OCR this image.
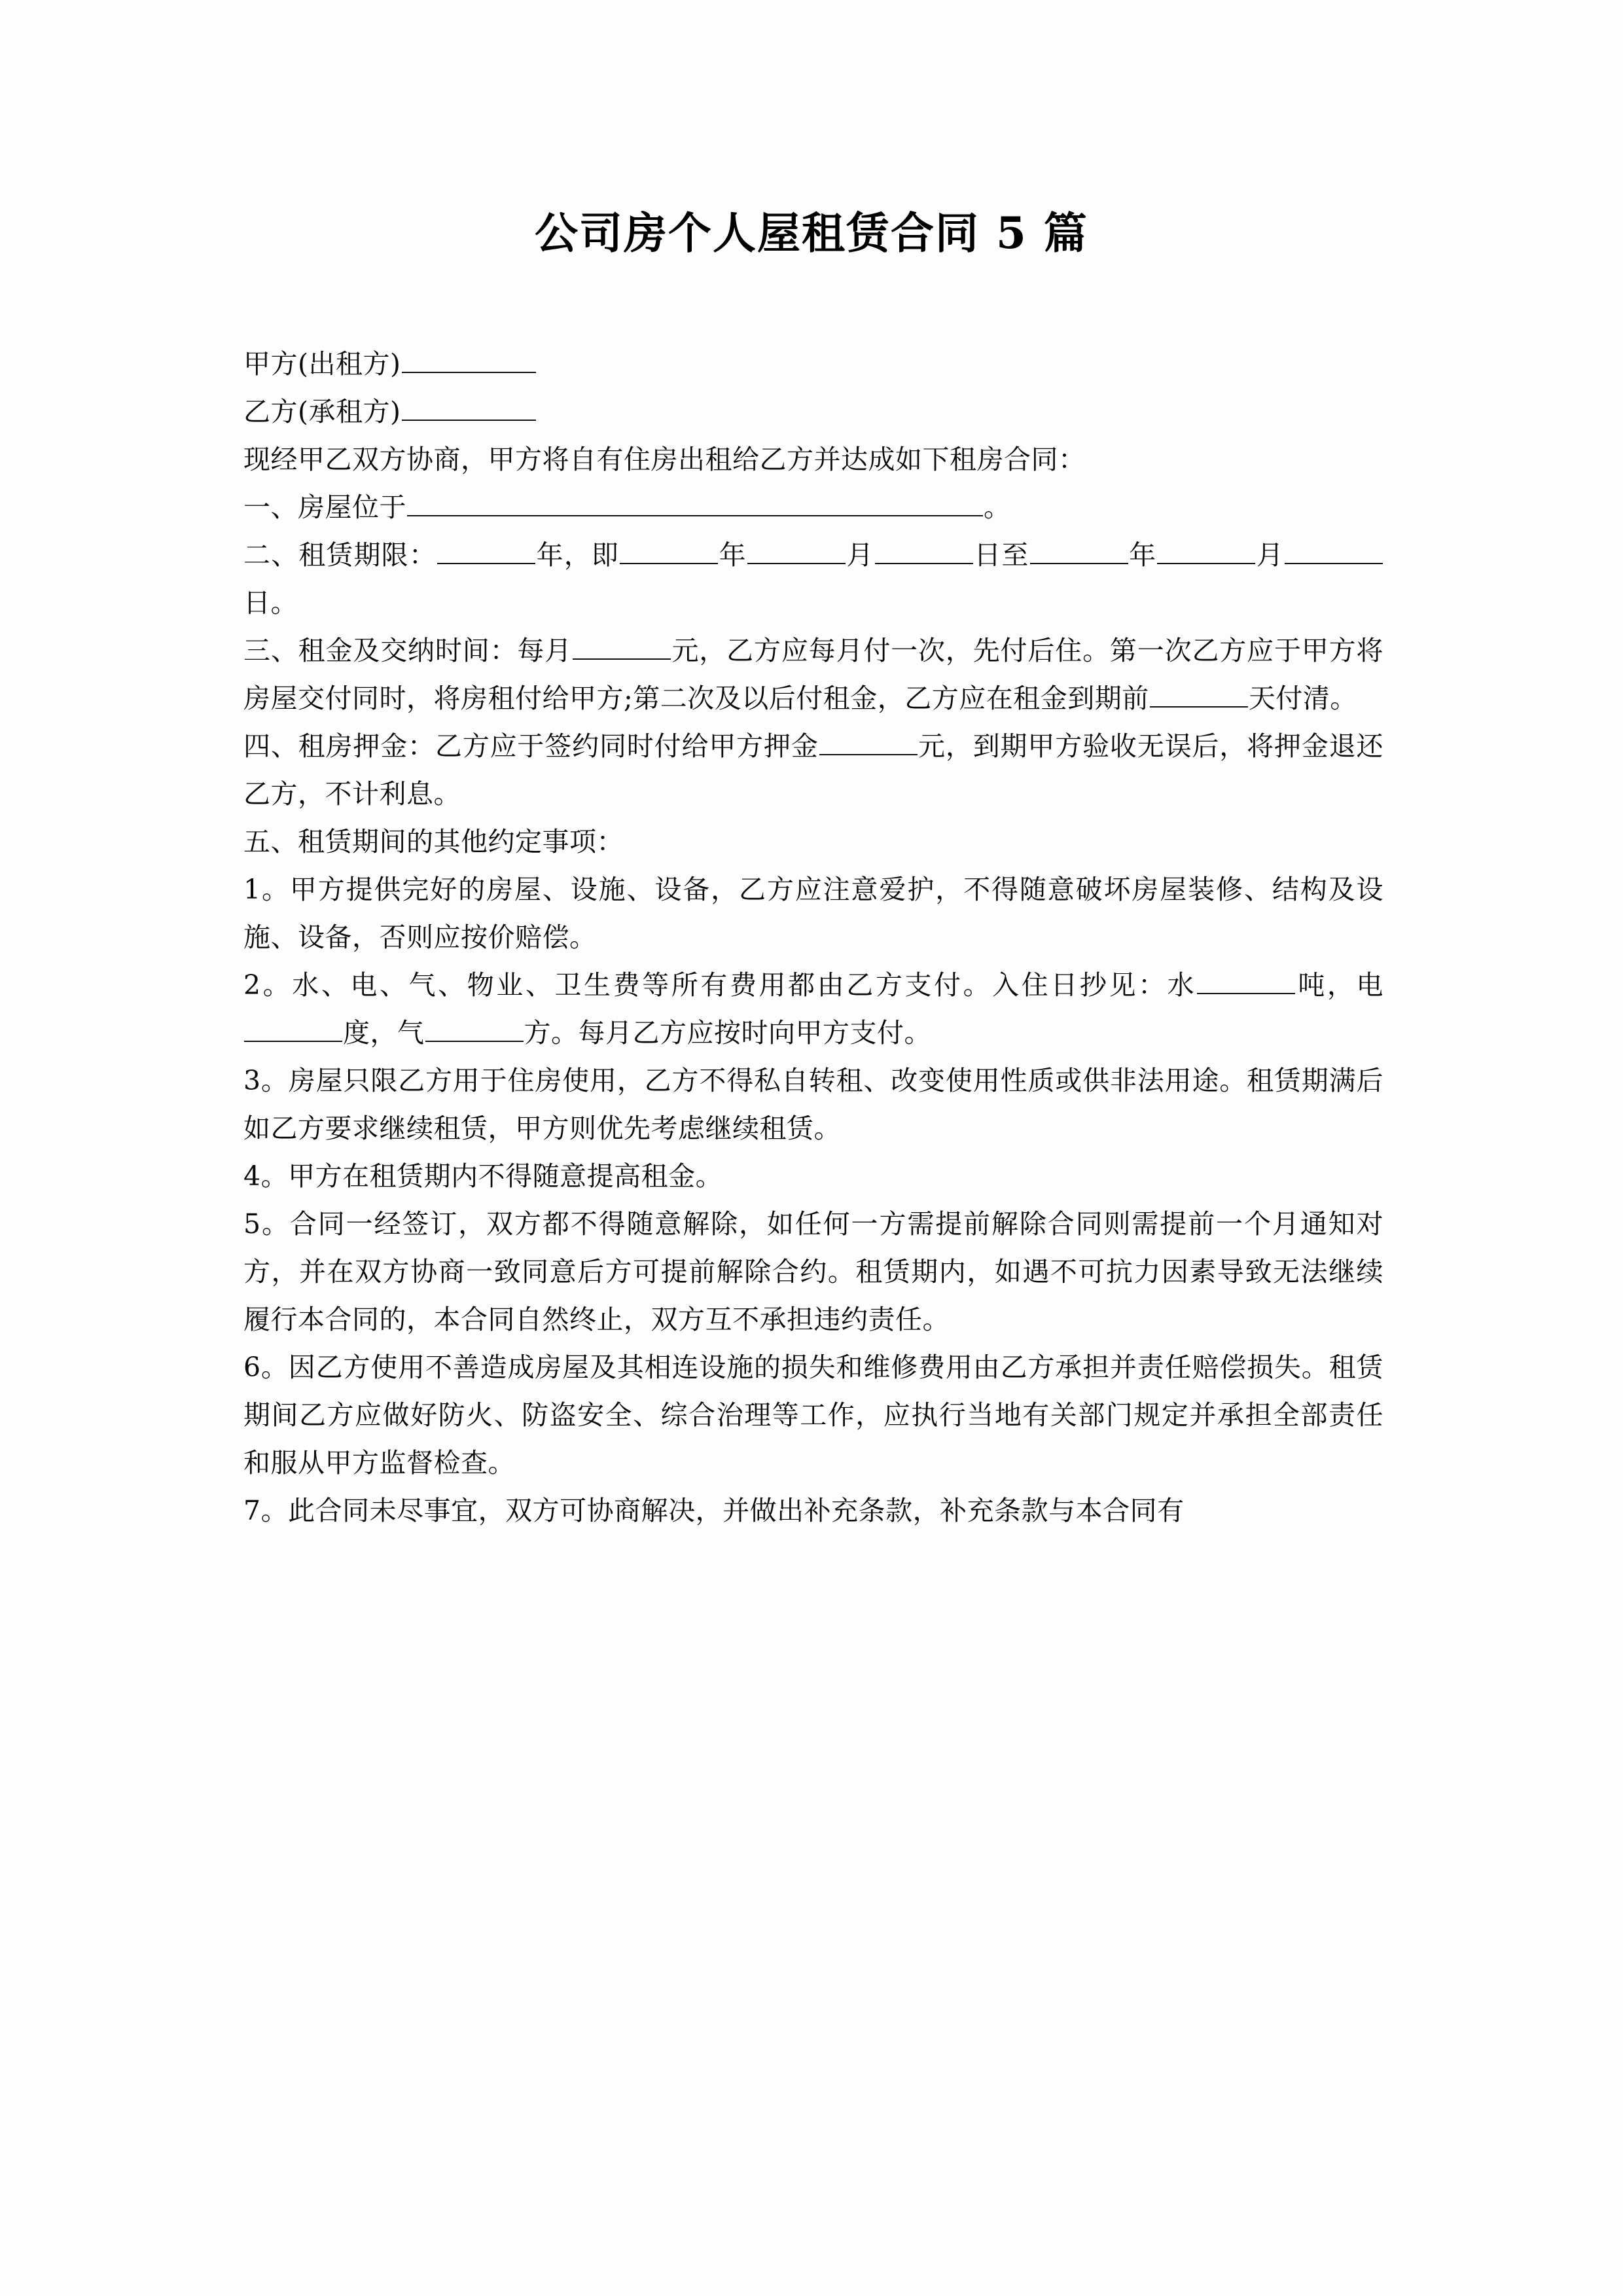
公司房个人屋租赁合同 5 篇

甲方(出租方)

乙方(承租方)

现经甲乙双方协商，甲方将自有住房出租给乙方并达成如下租房合同：

一、房屋位于	。

二、租赁期限：	年，即	年	月	日至	年	月日。

三、租金及交纳时间：每月	元，乙方应每月付一次，先付后住。第一次乙方应于甲方将房屋交付同时，将房租付给甲方;第二次及以后付租金，乙方应在租金到期前	天付清。

四、租房押金：乙方应于签约同时付给甲方押金	元，到期甲方验收无误后，将押金退还乙方，不计利息。

五、租赁期间的其他约定事项：

1。甲方提供完好的房屋、设施、设备，乙方应注意爱护，不得随意破坏房屋装修、结构及设施、设备，否则应按价赔偿。

2。水、电、气、物业、卫生费等所有费用都由乙方支付。入住日抄见：水	吨，电度，气	方。每月乙方应按时向甲方支付。

3。房屋只限乙方用于住房使用，乙方不得私自转租、改变使用性质或供非法用途。租赁期满后如乙方要求继续租赁，甲方则优先考虑继续租赁。

4。甲方在租赁期内不得随意提高租金。

5。合同一经签订，双方都不得随意解除，如任何一方需提前解除合同则需提前一个月通知对方，并在双方协商一致同意后方可提前解除合约。租赁期内，如遇不可抗力因素导致无法继续履行本合同的，本合同自然终止，双方互不承担违约责任。

6。因乙方使用不善造成房屋及其相连设施的损失和维修费用由乙方承担并责任赔偿损失。租赁期间乙方应做好防火、防盗安全、综合治理等工作，应执行当地有关部门规定并承担全部责任和服从甲方监督检查。

7。此合同未尽事宜，双方可协商解决，并做出补充条款，补充条款与本合同有
